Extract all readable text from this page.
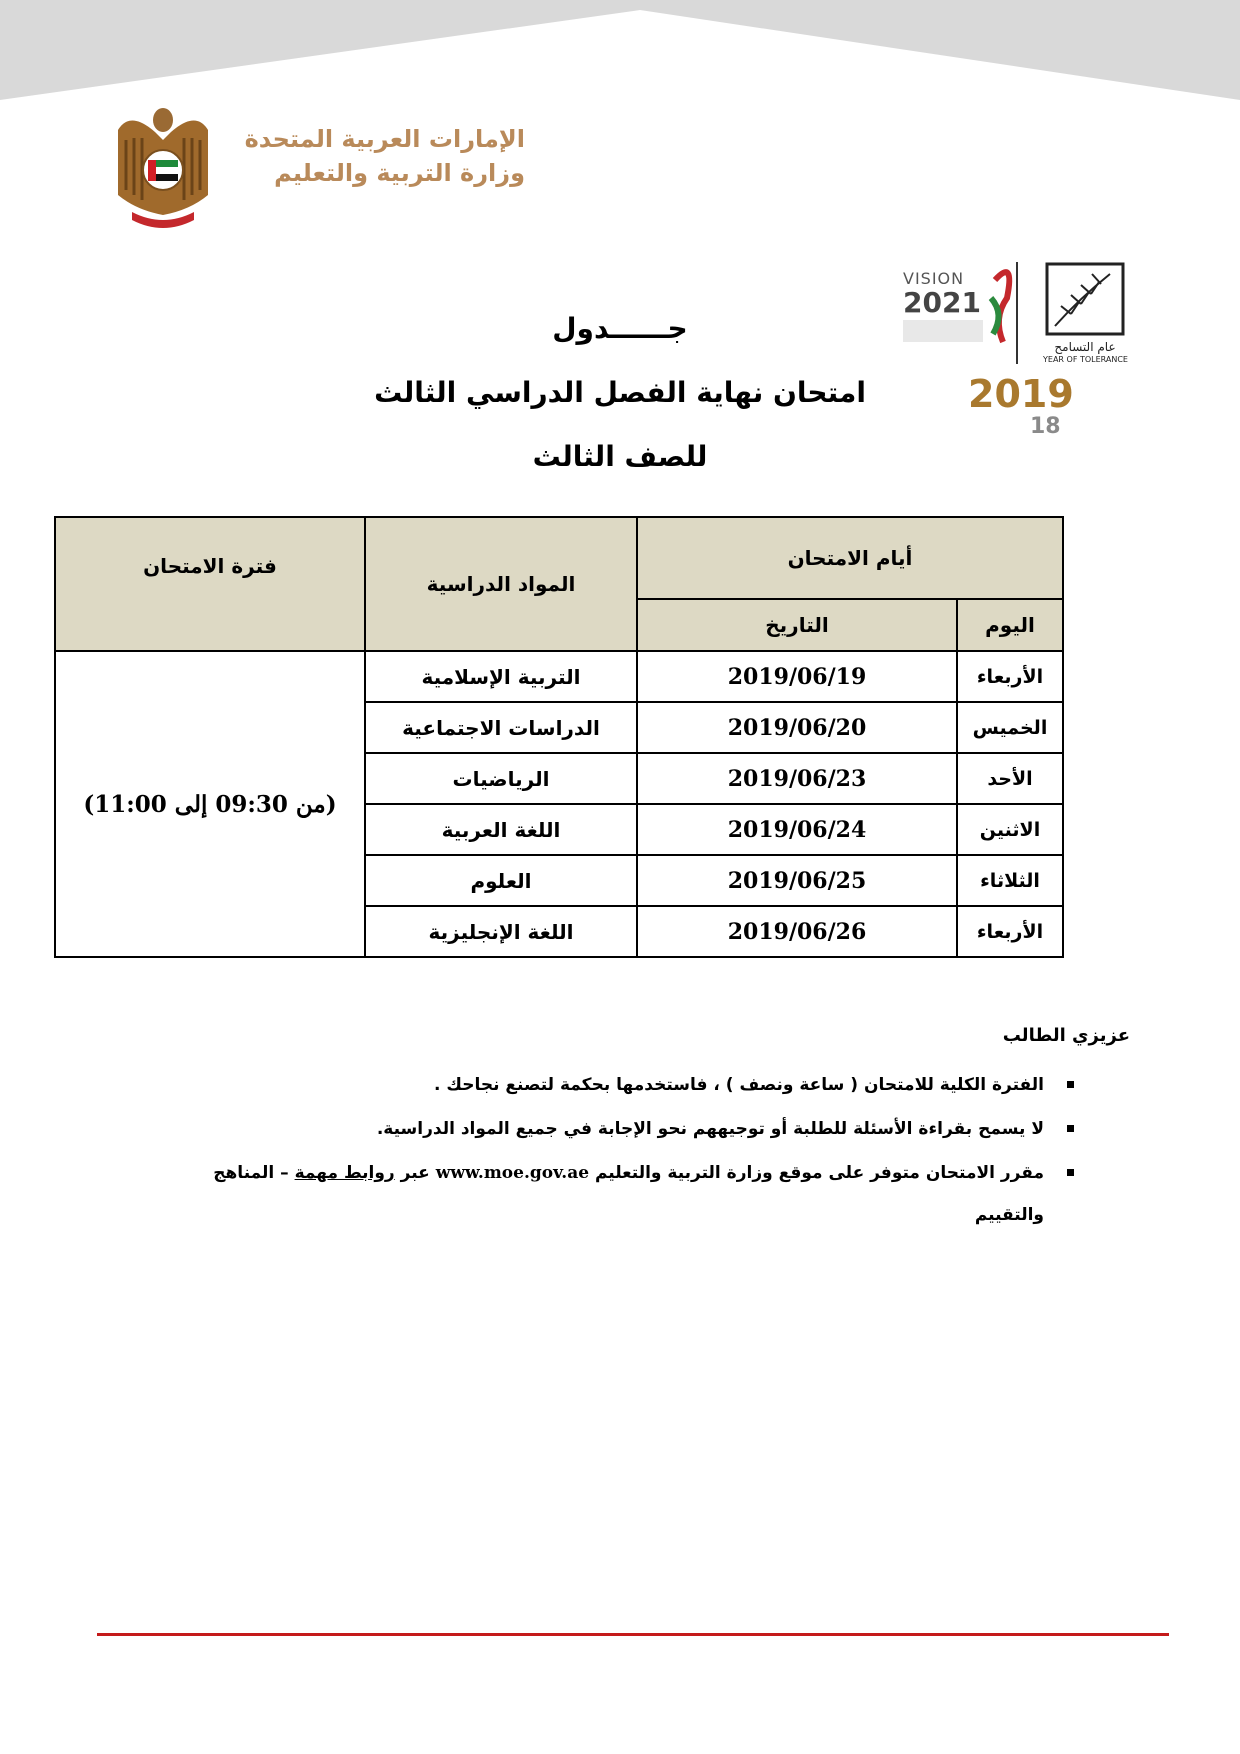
الإمارات العربية المتحدة
وزارة التربية والتعليم
VISION
2021
عام التسامح
YEAR OF TOLERANCE
2019
18
جــــــدول
امتحان نهاية الفصل الدراسي الثالث
للصف الثالث
أيام الامتحان		المواد الدراسية	فترة الامتحان
اليوم	التاريخ		
الأربعاء	2019/06/19	التربية الإسلامية	(من 09:30 إلى 11:00)
الخميس	2019/06/20	الدراسات الاجتماعية	
الأحد	2019/06/23	الرياضيات	
الاثنين	2019/06/24	اللغة العربية	
الثلاثاء	2019/06/25	العلوم	
الأربعاء	2019/06/26	اللغة الإنجليزية	
عزيزي الطالب
الفترة الكلية للامتحان ( ساعة ونصف ) ، فاستخدمها بحكمة لتصنع نجاحك .
لا يسمح بقراءة الأسئلة للطلبة أو توجيههم نحو الإجابة في جميع المواد الدراسية.
مقرر الامتحان متوفر على موقع وزارة التربية والتعليم www.moe.gov.ae عبر روابط مهمة – المناهج والتقييم
